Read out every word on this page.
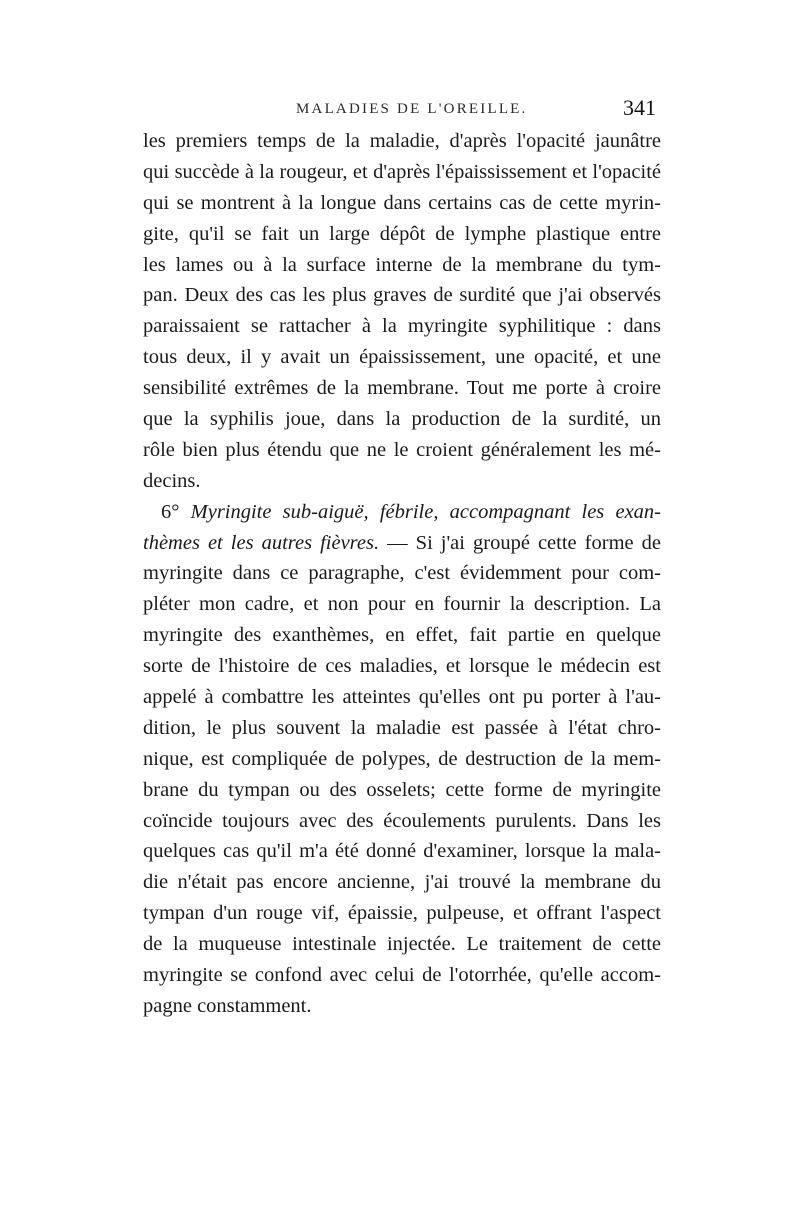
MALADIES DE L'OREILLE.	341
les premiers temps de la maladie, d'après l'opacité jaunâtre
qui succède à la rougeur, et d'après l'épaississement et l'opacité
qui se montrent à la longue dans certains cas de cette myrin-
gite, qu'il se fait un large dépôt de lymphe plastique entre
les lames ou à la surface interne de la membrane du tym-
pan. Deux des cas les plus graves de surdité que j'ai observés
paraissaient se rattacher à la myringite syphilitique : dans
tous deux, il y avait un épaississement, une opacité, et une
sensibilité extrêmes de la membrane. Tout me porte à croire
que la syphilis joue, dans la production de la surdité, un
rôle bien plus étendu que ne le croient généralement les mé-
decins.
6° Myringite sub-aiguë, fébrile, accompagnant les exan-
thèmes et les autres fièvres. — Si j'ai groupé cette forme de
myringite dans ce paragraphe, c'est évidemment pour com-
pléter mon cadre, et non pour en fournir la description. La
myringite des exanthèmes, en effet, fait partie en quelque
sorte de l'histoire de ces maladies, et lorsque le médecin est
appelé à combattre les atteintes qu'elles ont pu porter à l'au-
dition, le plus souvent la maladie est passée à l'état chro-
nique, est compliquée de polypes, de destruction de la mem-
brane du tympan ou des osselets; cette forme de myringite
coïncide toujours avec des écoulements purulents. Dans les
quelques cas qu'il m'a été donné d'examiner, lorsque la mala-
die n'était pas encore ancienne, j'ai trouvé la membrane du
tympan d'un rouge vif, épaissie, pulpeuse, et offrant l'aspect
de la muqueuse intestinale injectée. Le traitement de cette
myringite se confond avec celui de l'otorrhée, qu'elle accom-
pagne constamment.
